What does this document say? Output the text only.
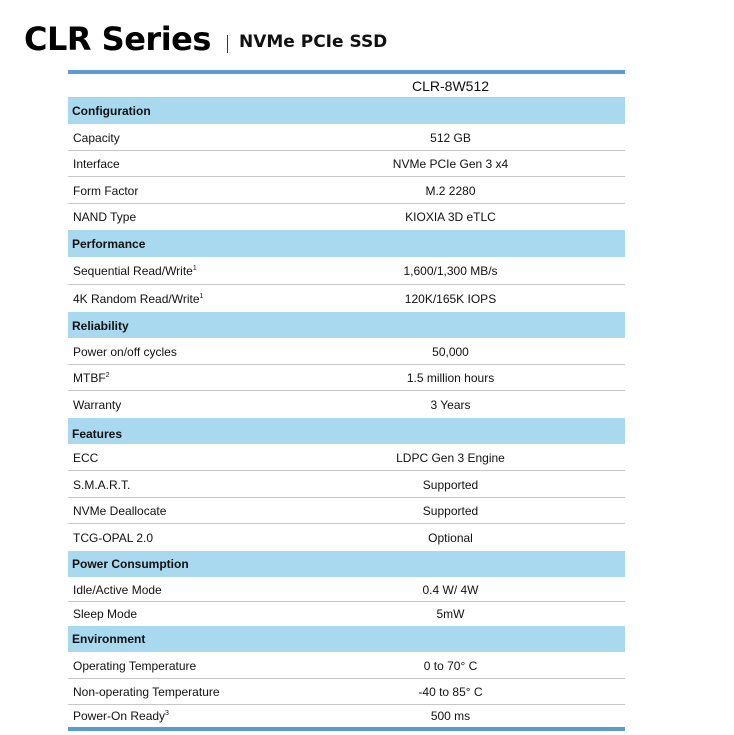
CLR Series NVMe PCIe SSD
CLR-8W512
Configuration
Capacity	512 GB
Interface	NVMe PCIe Gen 3 x4
Form Factor	M.2 2280
NAND Type	KIOXIA 3D eTLC
Performance
Sequential Read/Write$^1$	1,600/1,300 MB/s
4K Random Read/Write$^1$	120K/165K IOPS
Reliability
Power on/off cycles	50,000
MTBF$^2$	1.5 million hours
Warranty	3 Years
Features
ECC	LDPC Gen 3 Engine
S.M.A.R.T.	Supported
NVMe Deallocate	Supported
TCG-OPAL 2.0	Optional
Power Consumption
Idle/Active Mode	0.4 W/ 4W
Sleep Mode	5mW
Environment
Operating Temperature	0 to 70° C
Non-operating Temperature	-40 to 85° C
Power-On Ready$^3$	500 ms
